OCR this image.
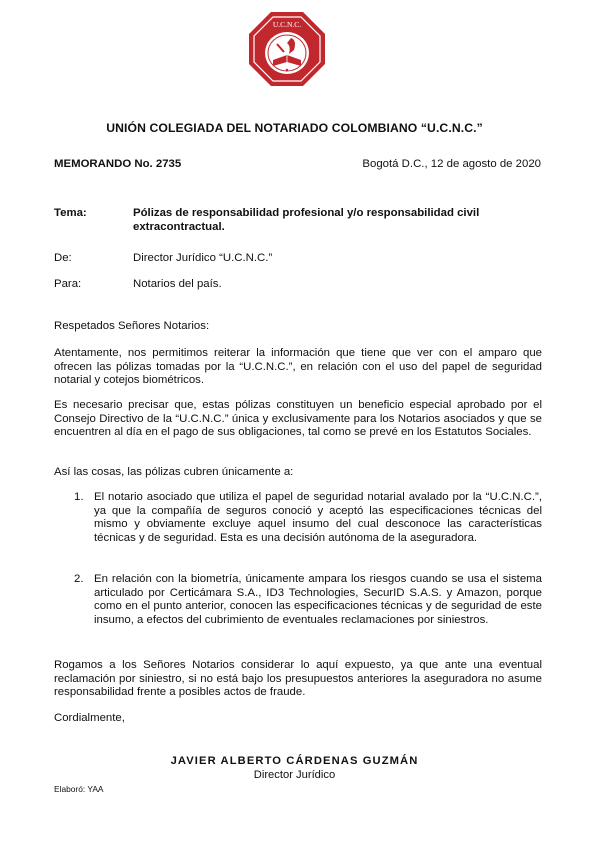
U.C.N.C.
UNIÓN COLEGIADA DEL NOTARIADO COLOMBIANO “U.C.N.C.”
MEMORANDO No. 2735	Bogotá D.C., 12 de agosto de 2020
Tema:	Pólizas de responsabilidad profesional y/o responsabilidad civil
extracontractual.
De:	Director Jurídico “U.C.N.C.”
Para:	Notarios del país.
Respetados Señores Notarios:
Atentamente, nos permitimos reiterar la información que tiene que ver con el amparo que ofrecen las pólizas tomadas por la “U.C.N.C.”, en relación con el uso del papel de seguridad notarial y cotejos biométricos.
Es necesario precisar que, estas pólizas constituyen un beneficio especial aprobado por el Consejo Directivo de la “U.C.N.C.” única y exclusivamente para los Notarios asociados y que se encuentren al día en el pago de sus obligaciones, tal como se prevé en los Estatutos Sociales.
Así las cosas, las pólizas cubren únicamente a:
1. El notario asociado que utiliza el papel de seguridad notarial avalado por la “U.C.N.C.”, ya que la compañía de seguros conoció y aceptó las especificaciones técnicas del mismo y obviamente excluye aquel insumo del cual desconoce las características técnicas y de seguridad. Esta es una decisión autónoma de la aseguradora.
2. En relación con la biometría, únicamente ampara los riesgos cuando se usa el sistema articulado por Certicámara S.A., ID3 Technologies, SecurID S.A.S. y Amazon, porque como en el punto anterior, conocen las especificaciones técnicas y de seguridad de este insumo, a efectos del cubrimiento de eventuales reclamaciones por siniestros.
Rogamos a los Señores Notarios considerar lo aquí expuesto, ya que ante una eventual reclamación por siniestro, si no está bajo los presupuestos anteriores la aseguradora no asume responsabilidad frente a posibles actos de fraude.
Cordialmente,
JAVIER ALBERTO CÁRDENAS GUZMÁN
Director Jurídico
Elaboró: YAA
